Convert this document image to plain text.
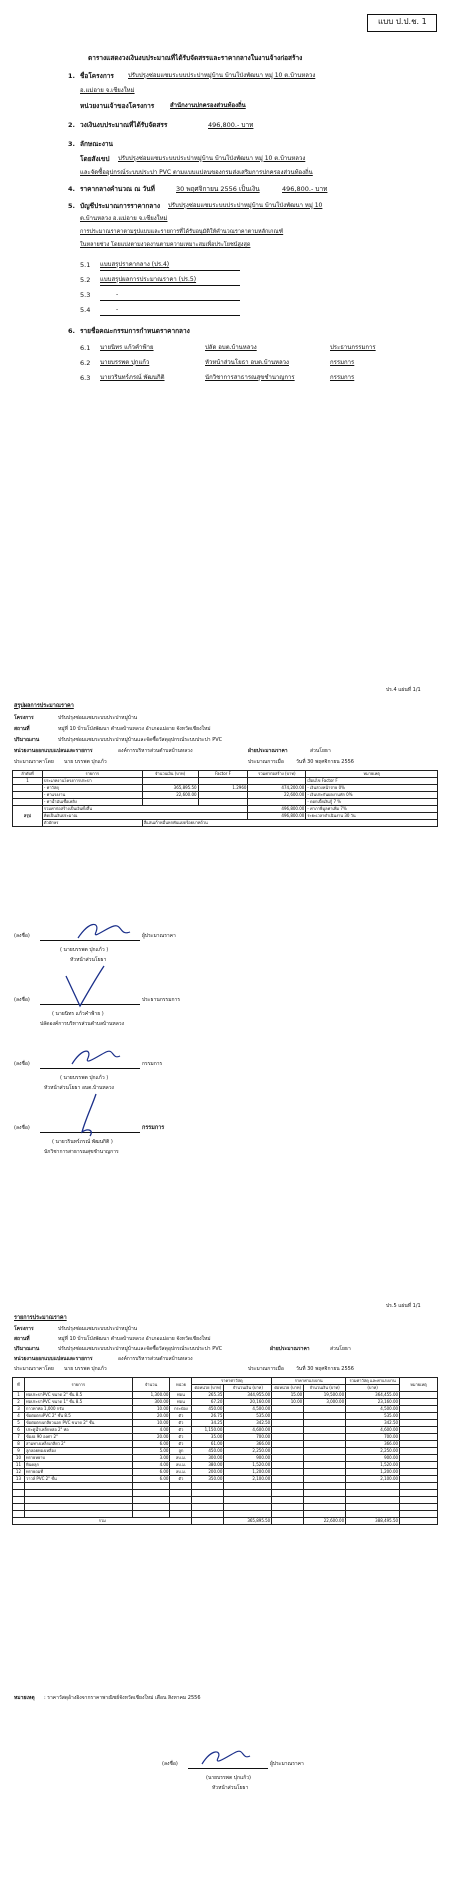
แบบ ป.ป.ช. 1
ตารางแสดงวงเงินงบประมาณที่ได้รับจัดสรรและราคากลางในงานจ้างก่อสร้าง
1. ชื่อโครงการ ปรับปรุงซ่อมแซมระบบประปาหมู่บ้าน บ้านโป่งพัฒนา หมู่ 10 ต.บ้านหลวง
อ.แม่อาย จ.เชียงใหม่
หน่วยงานเจ้าของโครงการ	สำนักงานปกครองส่วนท้องถิ่น
2. วงเงินงบประมาณที่ได้รับจัดสรร	496,800.- บาท
3. ลักษณะงาน
โดยสังเขป ปรับปรุงซ่อมแซมระบบประปาหมู่บ้าน บ้านโป่งพัฒนา หมู่ 10 ต.บ้านหลวง
และจัดซื้ออุปกรณ์ระบบประปา PVC ตามแบบแปลนของกรมส่งเสริมการปกครองส่วนท้องถิ่น
4. ราคากลางคำนวณ ณ วันที่	30 พฤศจิกายน 2556 เป็นเงิน	496,800.- บาท
5. บัญชีประมาณการราคากลาง ปรับปรุงซ่อมแซมระบบประปาหมู่บ้าน บ้านโป่งพัฒนา หมู่ 10
ต.บ้านหลวง อ.แม่อาย จ.เชียงใหม่
การประมาณราคาตามรูปแบบและรายการที่ได้รับอนุมัติให้คำนวณราคาตามหลักเกณฑ์
ในหลายช่วง โดยแบ่งตามงวดงานตามความเหมาะสมเพื่อประโยชน์สูงสุด
5.1 แบบสรุปราคากลาง (ปร.4)
5.2 แบบสรุปผลการประมาณราคา (ปร.5)
5.3	-
5.4	-
6. รายชื่อคณะกรรมการกำหนดราคากลาง
6.1 นายนิทร แก้วคำฟ้าย	ปลัด อบต.บ้านหลวง	ประธานกรรมการ
6.2 นายบรรพต ปุกแก้ว	หัวหน้าส่วนโยธา อบต.บ้านหลวง	กรรมการ
6.3 นายวรินทร์ภรณ์ พัฒนกิติ	นักวิชาการสาธารณสุขชำนาญการ	กรรมการ
ปร.4 แผ่นที่ 1/1
สรุปผลการประมาณราคา
โครงการ	ปรับปรุงซ่อมแซมระบบประปาหมู่บ้าน
สถานที่	หมู่ที่ 10 บ้านโป่งพัฒนา ตำบลบ้านหลวง อำเภอแม่อาย จังหวัดเชียงใหม่
ปริมาณงาน	ปรับปรุงซ่อมแซมระบบประปาหมู่บ้านและจัดซื้อวัสดุอุปกรณ์ระบบประปา PVC
หน่วยงานออกแบบแปลนและรายการ	องค์การบริหารส่วนตำบลบ้านหลวง	ฝ่ายประมาณราคา	ส่วนโยธา
ประมาณราคาโดย นาย บรรพต ปุกแก้ว	ประมาณการเมื่อ วันที่ 30 พฤศจิกายน 2556
ลำดับที่	รายการ	จำนวนเงิน (บาท)	Factor F	รวมค่าก่อสร้าง (บาท)	หมายเหตุ
1	ประเภทงานโครงการประปา				เงื่อนไข Factor F
	- ค่าวัสดุ	365,895.50	1.2960	474,200.00	- เงินล่วงหน้าจ่าย 0%
	- ค่าแรงงาน	22,600.00		22,600.00	- เงินประกันผลงานหัก 0%
	- ค่าน้ำมันเชื้อเพลิง				- ดอกเบี้ยเงินกู้ 7 %
สรุป	รวมค่าก่อสร้างเป็นเงินทั้งสิ้น			496,800.00	- ค่าภาษีมูลค่าเพิ่ม 7%
	คิดเป็นเงินประมาณ			496,800.00	ระยะเวลาดำเนินงาน 30 วัน
	ตัวอักษร	สี่แสนเก้าหมื่นหกพันแปดร้อยบาทถ้วน			
(ลงชื่อ)	ผู้ประมาณราคา
( นายบรรพต ปุกแก้ว )
หัวหน้าส่วนโยธา
(ลงชื่อ)	ประธานกรรมการ
( นายนิทร แก้วคำฟ้าย )
ปลัดองค์การบริหารส่วนตำบลบ้านหลวง
(ลงชื่อ)	กรรมการ
( นายบรรพต ปุกแก้ว )
หัวหน้าส่วนโยธา อบต.บ้านหลวง
(ลงชื่อ)	กรรมการ
( นายวรินทร์ภรณ์ พัฒนกิติ )
นักวิชาการสาธารณสุขชำนาญการ
ปร.5 แผ่นที่ 1/1
รายการประมาณราคา
โครงการ	ปรับปรุงซ่อมแซมระบบประปาหมู่บ้าน
สถานที่	หมู่ที่ 10 บ้านโป่งพัฒนา ตำบลบ้านหลวง อำเภอแม่อาย จังหวัดเชียงใหม่
ปริมาณงาน	ปรับปรุงซ่อมแซมระบบประปาหมู่บ้านและจัดซื้อวัสดุอุปกรณ์ระบบประปา PVC	ฝ่ายประมาณราคา	ส่วนโยธา
หน่วยงานออกแบบแปลนและรายการ	องค์การบริหารส่วนตำบลบ้านหลวง
ประมาณราคาโดย นาย บรรพต ปุกแก้ว	ประมาณการเมื่อ วันที่ 30 พฤศจิกายน 2556
ที่	รายการ	จำนวน	หน่วย	ราคาค่าวัสดุ		ราคาค่าแรงงาน		รวมค่าวัสดุ และค่าแรงงาน	หมายเหตุ
				ต่อหน่วย (บาท)	จำนวนเงิน (บาท)	ต่อหน่วย (บาท)	จำนวนเงิน (บาท)	(บาท)	
1	ท่อประปาPVC ขนาด 2" ชั้น 8.5	1,300.00	ท่อน	265.35	344,955.00	15.00	19,500.00	364,455.00	
2	ท่อประปาPVC ขนาด 1" ชั้น 8.5	300.00	ท่อน	67.20	20,160.00	10.00	3,000.00	23,160.00	
3	กาวทาท่อ 1,000 กรัม	10.00	กระป๋อง	450.00	4,500.00			4,500.00	
4	ข้อต่อตรงPVC 2" ชั้น 8.5	20.00	ตัว	26.75	535.00			535.00	
5	ข้อต่อตรงเกลียวนอก PVC ขนาด 2" ชั้น	10.00	ตัว	34.25	342.50			342.50	
6	ประตูน้ำเหล็กหล่อ 2" ท่อ	4.00	ตัว	1,150.00	4,600.00			4,600.00	
7	ข้องอ 90 องศา 2"	20.00	ตัว	35.00	700.00			700.00	
8	สามทางเหล็กเกลียว 2"	6.00	ตัว	61.00	366.00			366.00	
9	ลูกลอยทองเหลือง	5.00	ลูก	450.00	2,250.00			2,250.00	
10	ทรายหยาบ	3.00	ลบ.ม.	300.00	900.00			900.00	
11	หินคลุก	4.00	ลบ.ม.	380.00	1,520.00			1,520.00	
12	ทรายถมที่	6.00	ลบ.ม.	200.00	1,200.00			1,200.00	
13	วาวล์ PVC 2" ชั้น	6.00	ตัว	350.00	2,100.00			2,100.00	

รวม					365,895.50		22,600.00	388,495.50	
หมายเหตุ : ราคาวัสดุอ้างอิงจากราคาพาณิชย์จังหวัดเชียงใหม่ เดือน สิงหาคม 2556
(ลงชื่อ)	ผู้ประมาณราคา
(นายบรรพต ปุกแก้ว)
หัวหน้าส่วนโยธา
